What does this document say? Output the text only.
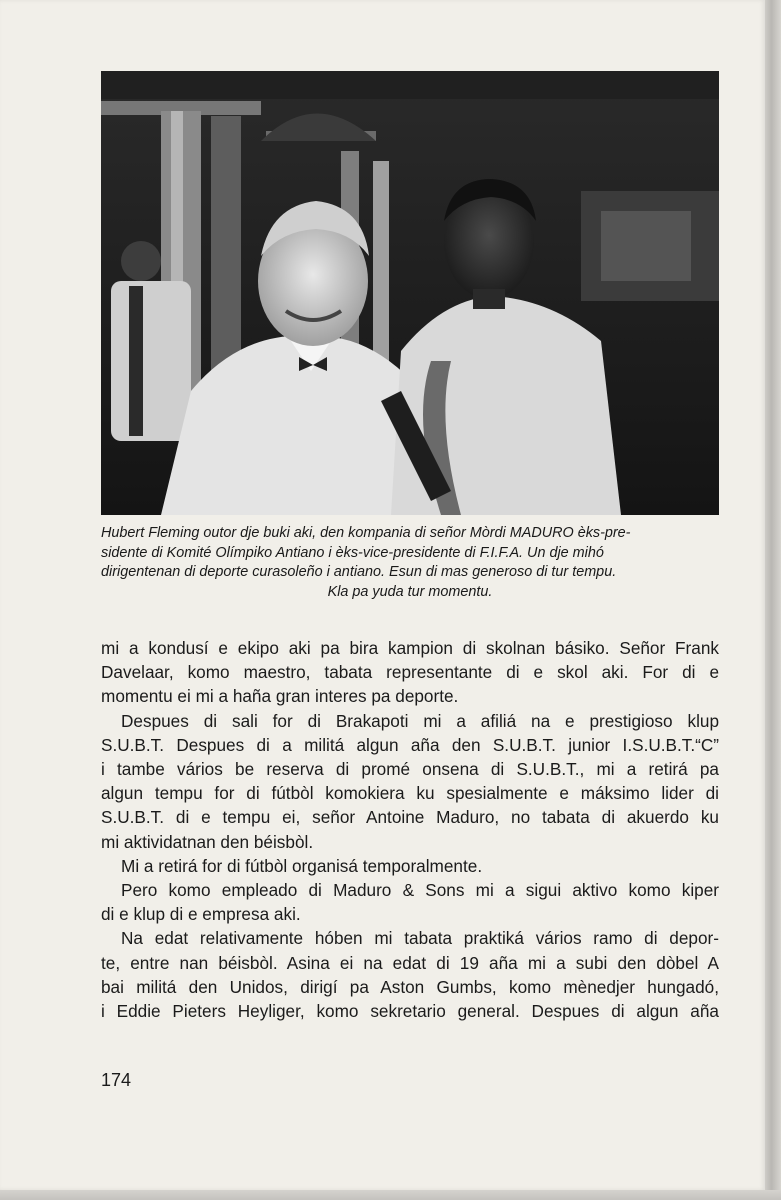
Hubert Fleming outor dje buki aki, den kompania di señor Mòrdi MADURO èks-pre-
sidente di Komité Olímpiko Antiano i èks-vice-presidente di F.I.F.A. Un dje mihó
dirigentenan di deporte curasoleño i antiano. Esun di mas generoso di tur tempu.
Kla pa yuda tur momentu.
mi a kondusí e ekipo aki pa bira kampion di skolnan básiko. Señor Frank
Davelaar, komo maestro, tabata representante di e skol aki. For di e
momentu ei mi a haña gran interes pa deporte.
Despues di sali for di Brakapoti mi a afiliá na e prestigioso klup
S.U.B.T. Despues di a militá algun aña den S.U.B.T. junior I.S.U.B.T.“C”
i tambe vários be reserva di promé onsena di S.U.B.T., mi a retirá pa
algun tempu for di fútbòl komokiera ku spesialmente e máksimo lider di
S.U.B.T. di e tempu ei, señor Antoine Maduro, no tabata di akuerdo ku
mi aktividatnan den béisbòl.
Mi a retirá for di fútbòl organisá temporalmente.
Pero komo empleado di Maduro & Sons mi a sigui aktivo komo kiper
di e klup di e empresa aki.
Na edat relativamente hóben mi tabata praktiká vários ramo di depor-
te, entre nan béisbòl. Asina ei na edat di 19 aña mi a subi den dòbel A
bai militá den Unidos, dirigí pa Aston Gumbs, komo mènedjer hungadó,
i Eddie Pieters Heyliger, komo sekretario general. Despues di algun aña
174
